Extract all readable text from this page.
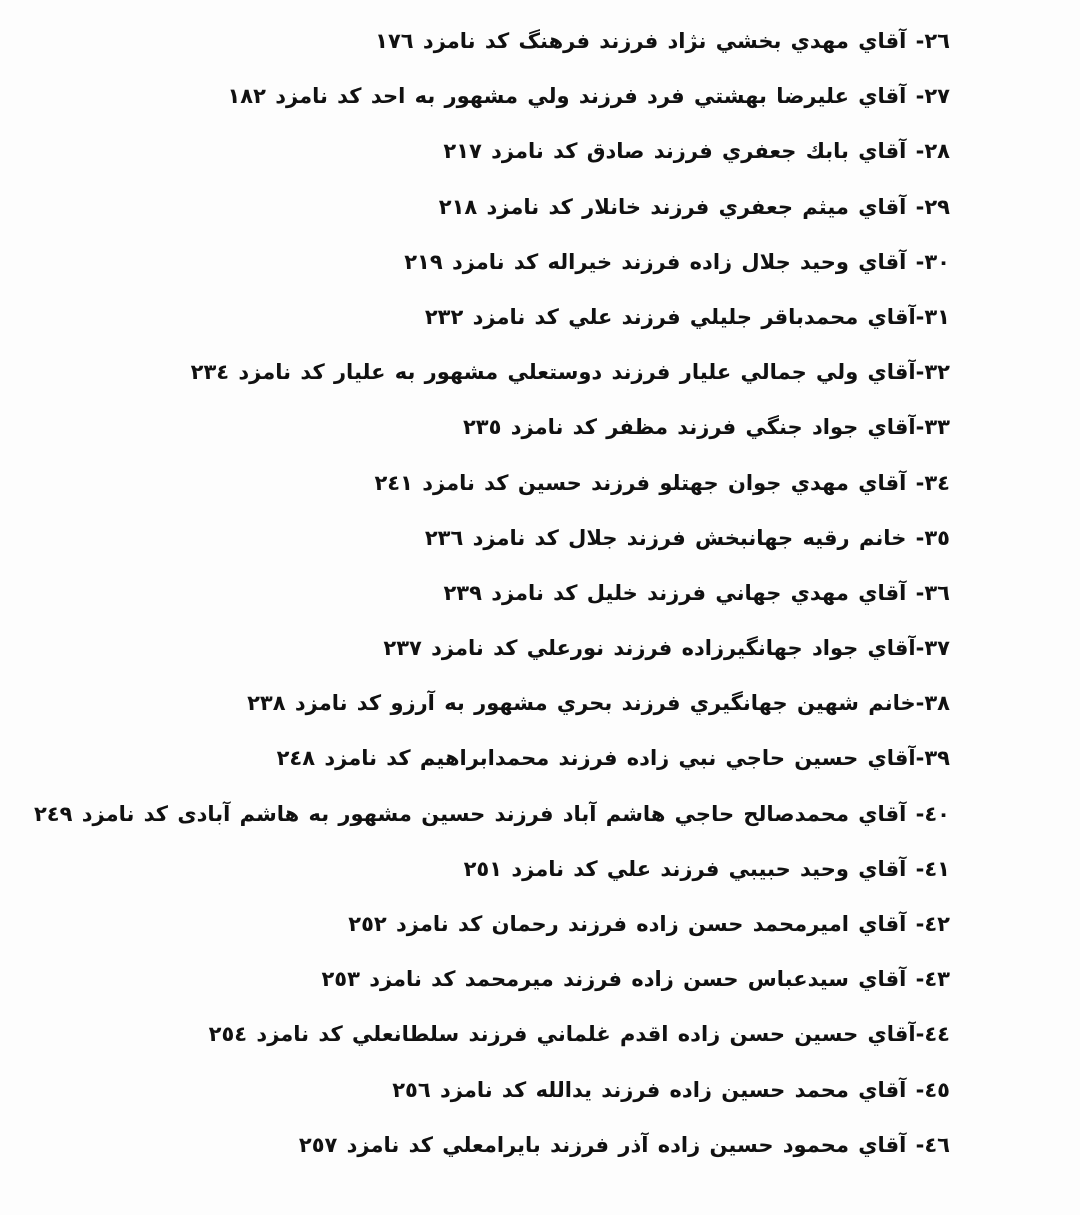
٢٦- آقاي مهدي بخشي نژاد فرزند فرهنگ كد نامزد ١٧٦
٢٧- آقاي عليرضا بهشتي فرد فرزند ولي مشهور به احد كد نامزد ١٨٢
٢٨- آقاي بابك جعفري فرزند صادق كد نامزد ٢١٧
٢٩- آقاي ميثم جعفري فرزند خانلار كد نامزد ٢١٨
٣٠- آقاي وحيد جلال زاده فرزند خيراله كد نامزد ٢١٩
٣١-آقاي محمدباقر جليلي فرزند علي كد نامزد ٢٣٢
٣٢-آقاي ولي جمالي عليار فرزند دوستعلي مشهور به عليار كد نامزد ٢٣٤
٣٣-آقاي جواد جنگي فرزند مظفر كد نامزد ٢٣٥
٣٤- آقاي مهدي جوان جهتلو فرزند حسين كد نامزد ٢٤١
٣٥- خانم رقيه جهانبخش فرزند جلال كد نامزد ٢٣٦
٣٦- آقاي مهدي جهاني فرزند خليل كد نامزد ٢٣٩
٣٧-آقاي جواد جهانگيرزاده فرزند نورعلي كد نامزد ٢٣٧
٣٨-خانم شهين جهانگيري فرزند بحري مشهور به آرزو كد نامزد ٢٣٨
٣٩-آقاي حسين حاجي نبي زاده فرزند محمدابراهيم كد نامزد ٢٤٨
٤٠- آقاي محمدصالح حاجي هاشم آباد فرزند حسين مشهور به هاشم آبادى كد نامزد ٢٤٩
٤١- آقاي وحيد حبيبي فرزند علي كد نامزد ٢٥١
٤٢- آقاي اميرمحمد حسن زاده فرزند رحمان كد نامزد ٢٥٢
٤٣- آقاي سيدعباس حسن زاده فرزند ميرمحمد كد نامزد ٢٥٣
٤٤-آقاي حسين حسن زاده اقدم غلماني فرزند سلطانعلي كد نامزد ٢٥٤
٤٥- آقاي محمد حسين زاده فرزند يدالله كد نامزد ٢٥٦
٤٦- آقاي محمود حسين زاده آذر فرزند بايرامعلي كد نامزد ٢٥٧
